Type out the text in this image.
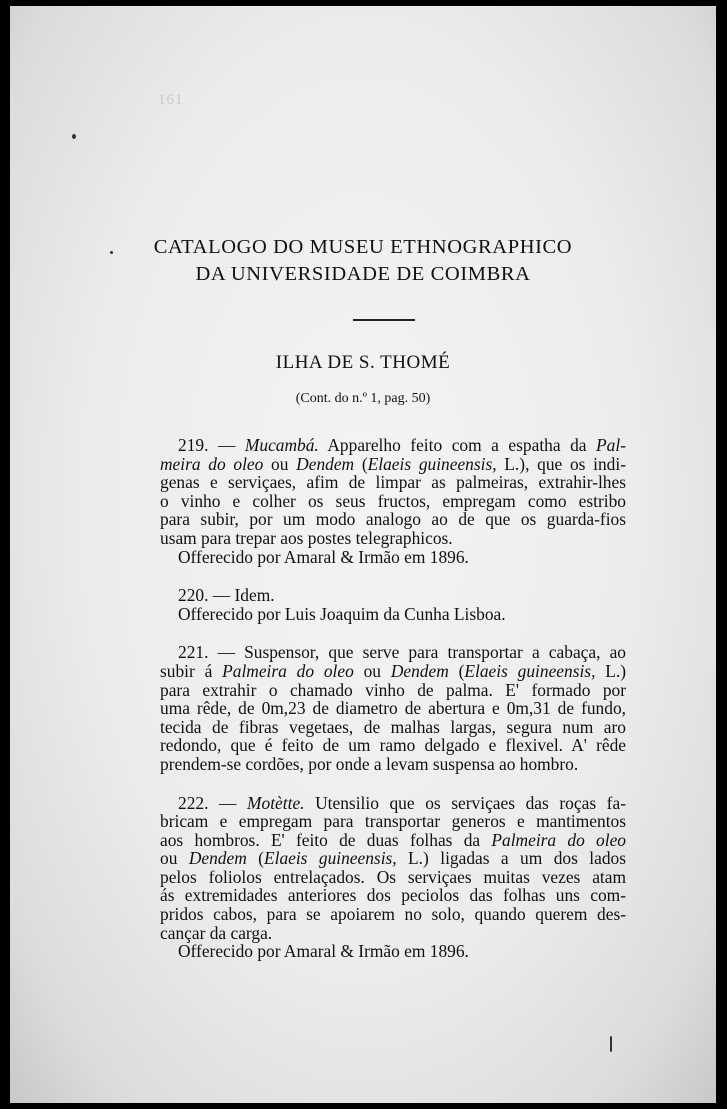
161
CATALOGO DO MUSEU ETHNOGRAPHICO
DA UNIVERSIDADE DE COIMBRA
ILHA DE S. THOMÉ
(Cont. do n.º 1, pag. 50)
219. — Mucambá. Apparelho feito com a espatha da Pal-
meira do oleo ou Dendem (Elaeis guineensis, L.), que os indi-
genas e serviçaes, afim de limpar as palmeiras, extrahir-lhes
o vinho e colher os seus fructos, empregam como estribo
para subir, por um modo analogo ao de que os guarda-fios
usam para trepar aos postes telegraphicos.
Offerecido por Amaral & Irmão em 1896.
220. — Idem.
Offerecido por Luis Joaquim da Cunha Lisboa.
221. — Suspensor, que serve para transportar a cabaça, ao
subir á Palmeira do oleo ou Dendem (Elaeis guineensis, L.)
para extrahir o chamado vinho de palma. E' formado por
uma rêde, de 0m,23 de diametro de abertura e 0m,31 de fundo,
tecida de fibras vegetaes, de malhas largas, segura num aro
redondo, que é feito de um ramo delgado e flexivel. A' rêde
prendem-se cordões, por onde a levam suspensa ao hombro.
222. — Motètte. Utensilio que os serviçaes das roças fa-
bricam e empregam para transportar generos e mantimentos
aos hombros. E' feito de duas folhas da Palmeira do oleo
ou Dendem (Elaeis guineensis, L.) ligadas a um dos lados
pelos foliolos entrelaçados. Os serviçaes muitas vezes atam
ás extremidades anteriores dos peciolos das folhas uns com-
pridos cabos, para se apoiarem no solo, quando querem des-
cançar da carga.
Offerecido por Amaral & Irmão em 1896.
